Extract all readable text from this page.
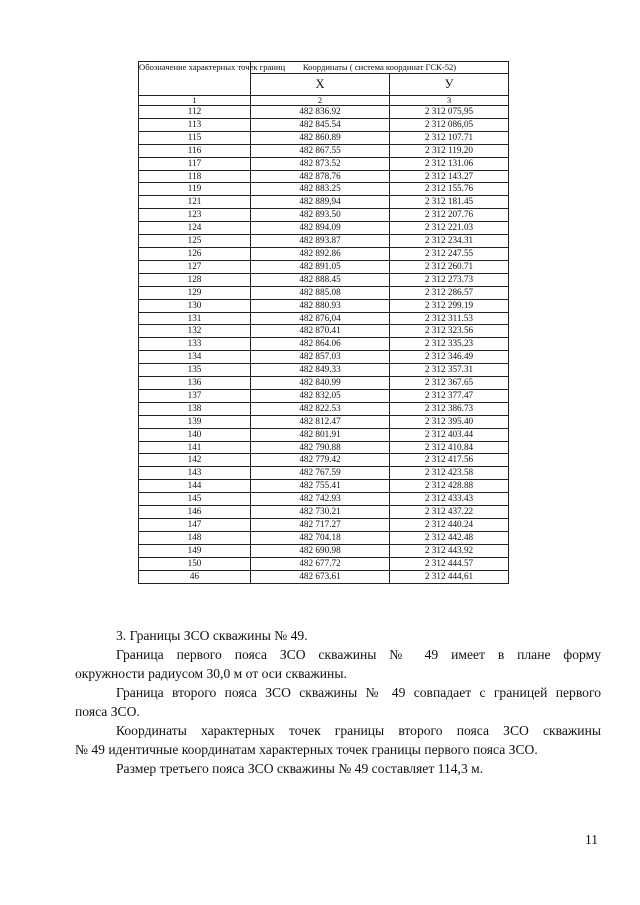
Обозначение характерных точек границ	Координаты ( система координат ГСК-52)	
	X	У
1	2	3
112	482 836.92	2 312 075,95
113	482 845.54	2 312 086,05
115	482 860.89	2 312 107.71
116	482 867.55	2 312 119.20
117	482 873.52	2 312 131.06
118	482 878.76	2 312 143.27
119	482 883.25	2 312 155.76
121	482 889,94	2 312 181.45
123	482 893.50	2 312 207.76
124	482 894.09	2 312 221.03
125	482 893.87	2 312 234.31
126	482 892.86	2 312 247.55
127	482 891.05	2 312 260.71
128	482 888.45	2 312 273.73
129	482 885.08	2 312 286.57
130	482 880.93	2 312 299.19
131	482 876,04	2 312 311.53
132	482 870.41	2 312 323.56
133	482 864.06	2 312 335.23
134	482 857.03	2 312 346.49
135	482 849.33	2 312 357.31
136	482 840.99	2 312 367.65
137	482 832.05	2 312 377.47
138	482 822.53	2 312 386.73
139	482 812.47	2 312 395.40
140	482 801.91	2 312 403.44
141	482 790.88	2 312 410.84
142	482 779.42	2 312 417.56
143	482 767.59	2 312 423.58
144	482 755.41	2 312 428.88
145	482 742.93	2 312 433.43
146	482 730.21	2 312 437.22
147	482 717.27	2 312 440.24
148	482 704.18	2 312 442.48
149	482 690.98	2 312 443.92
150	482 677.72	2 312 444.57
46	482 673.61	2 312 444,61

3. Границы ЗСО скважины № 49.

Граница первого пояса ЗСО скважины № 49 имеет в плане форму

окружности радиусом 30,0 м от оси скважины.

Граница второго пояса ЗСО скважины № 49 совпадает с границей первого

пояса ЗСО.

Координаты характерных точек границы второго пояса ЗСО скважины

№ 49 идентичные координатам характерных точек границы первого пояса ЗСО.

Размер третьего пояса ЗСО скважины № 49 составляет 114,3 м.

11
